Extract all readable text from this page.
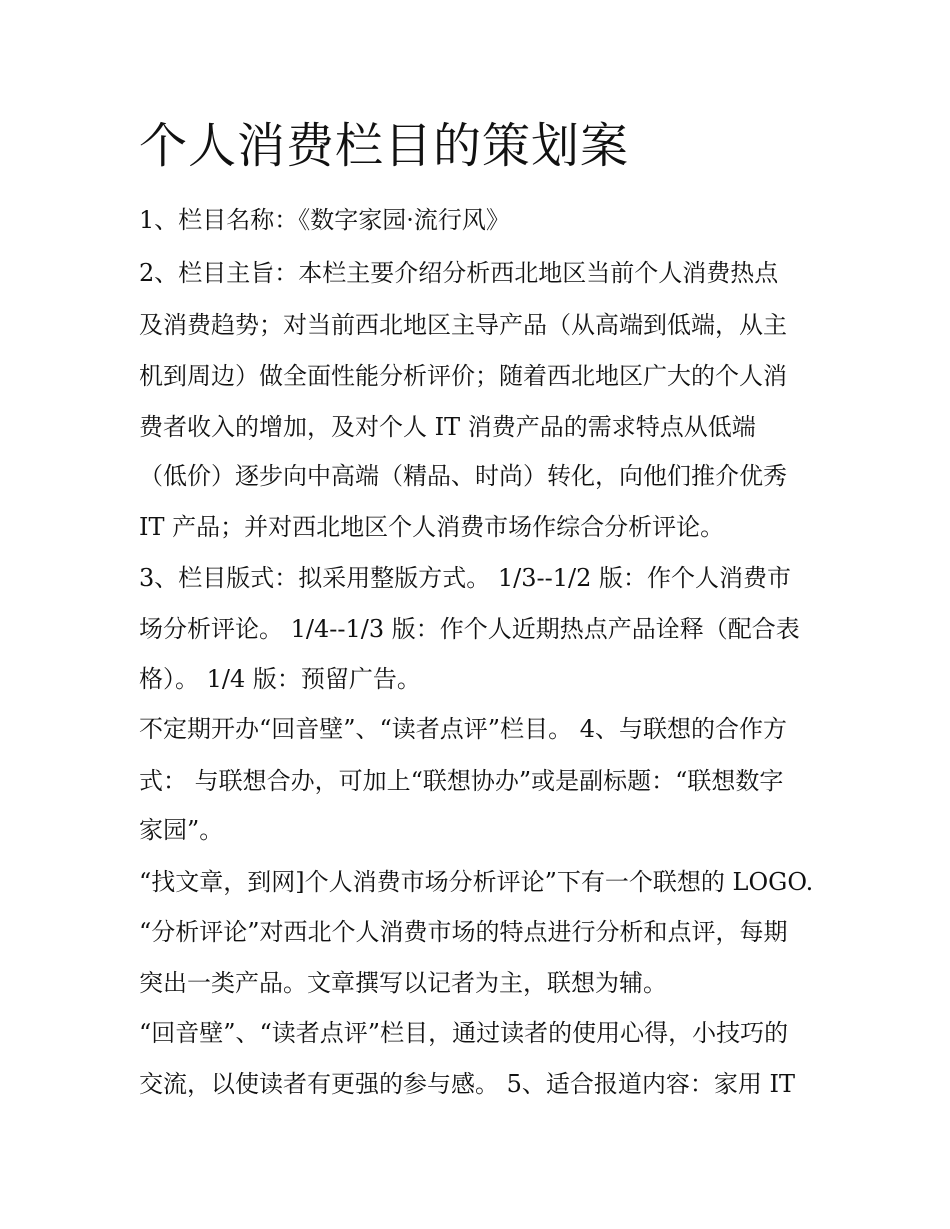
个人消费栏目的策划案
1、栏目名称：《数字家园·流行风》
2、栏目主旨：本栏主要介绍分析西北地区当前个人消费热点
及消费趋势；对当前西北地区主导产品（从高端到低端，从主
机到周边）做全面性能分析评价；随着西北地区广大的个人消
费者收入的增加，及对个人 IT 消费产品的需求特点从低端
（低价）逐步向中高端（精品、时尚）转化，向他们推介优秀
IT 产品；并对西北地区个人消费市场作综合分析评论。
3、栏目版式：拟采用整版方式。 1/3--1/2 版：作个人消费市
场分析评论。 1/4--1/3 版：作个人近期热点产品诠释（配合表
格）。 1/4 版：预留广告。
不定期开办“回音壁”、“读者点评”栏目。 4、与联想的合作方
式： 与联想合办，可加上“联想协办”或是副标题：“联想数字
家园”。
“找文章，到网]个人消费市场分析评论”下有一个联想的 LOGO.
“分析评论”对西北个人消费市场的特点进行分析和点评，每期
突出一类产品。文章撰写以记者为主，联想为辅。
“回音壁”、“读者点评”栏目，通过读者的使用心得，小技巧的
交流，以使读者有更强的参与感。 5、适合报道内容：家用 IT
